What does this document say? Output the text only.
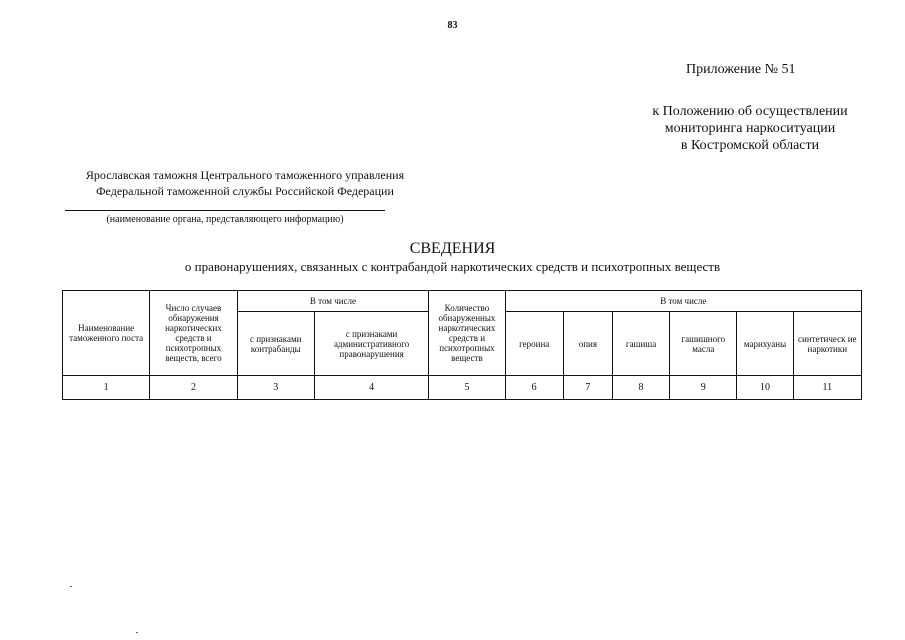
83
Приложение № 51
к Положению об осуществлении
мониторинга наркоситуации
в Костромской области
Ярославская таможня Центрального таможенного управления
Федеральной таможенной службы Российской Федерации
(наименование органа, представляющего информацию)
СВЕДЕНИЯ
о правонарушениях, связанных с контрабандой наркотических средств и психотропных веществ
Наименование таможенного поста	Число случаев обнаружения наркотических средств и психотропных веществ, всего	В том числе		Количество обнаруженных наркотических средств и психотропных веществ	В том числе					
		с признаками контрабанды	с признаками административного правонарушения		героина	опия	гашиша	гашишного масла	марихуаны	синтетическ ие наркотики
1	2	3	4	5	6	7	8	9	10	11
